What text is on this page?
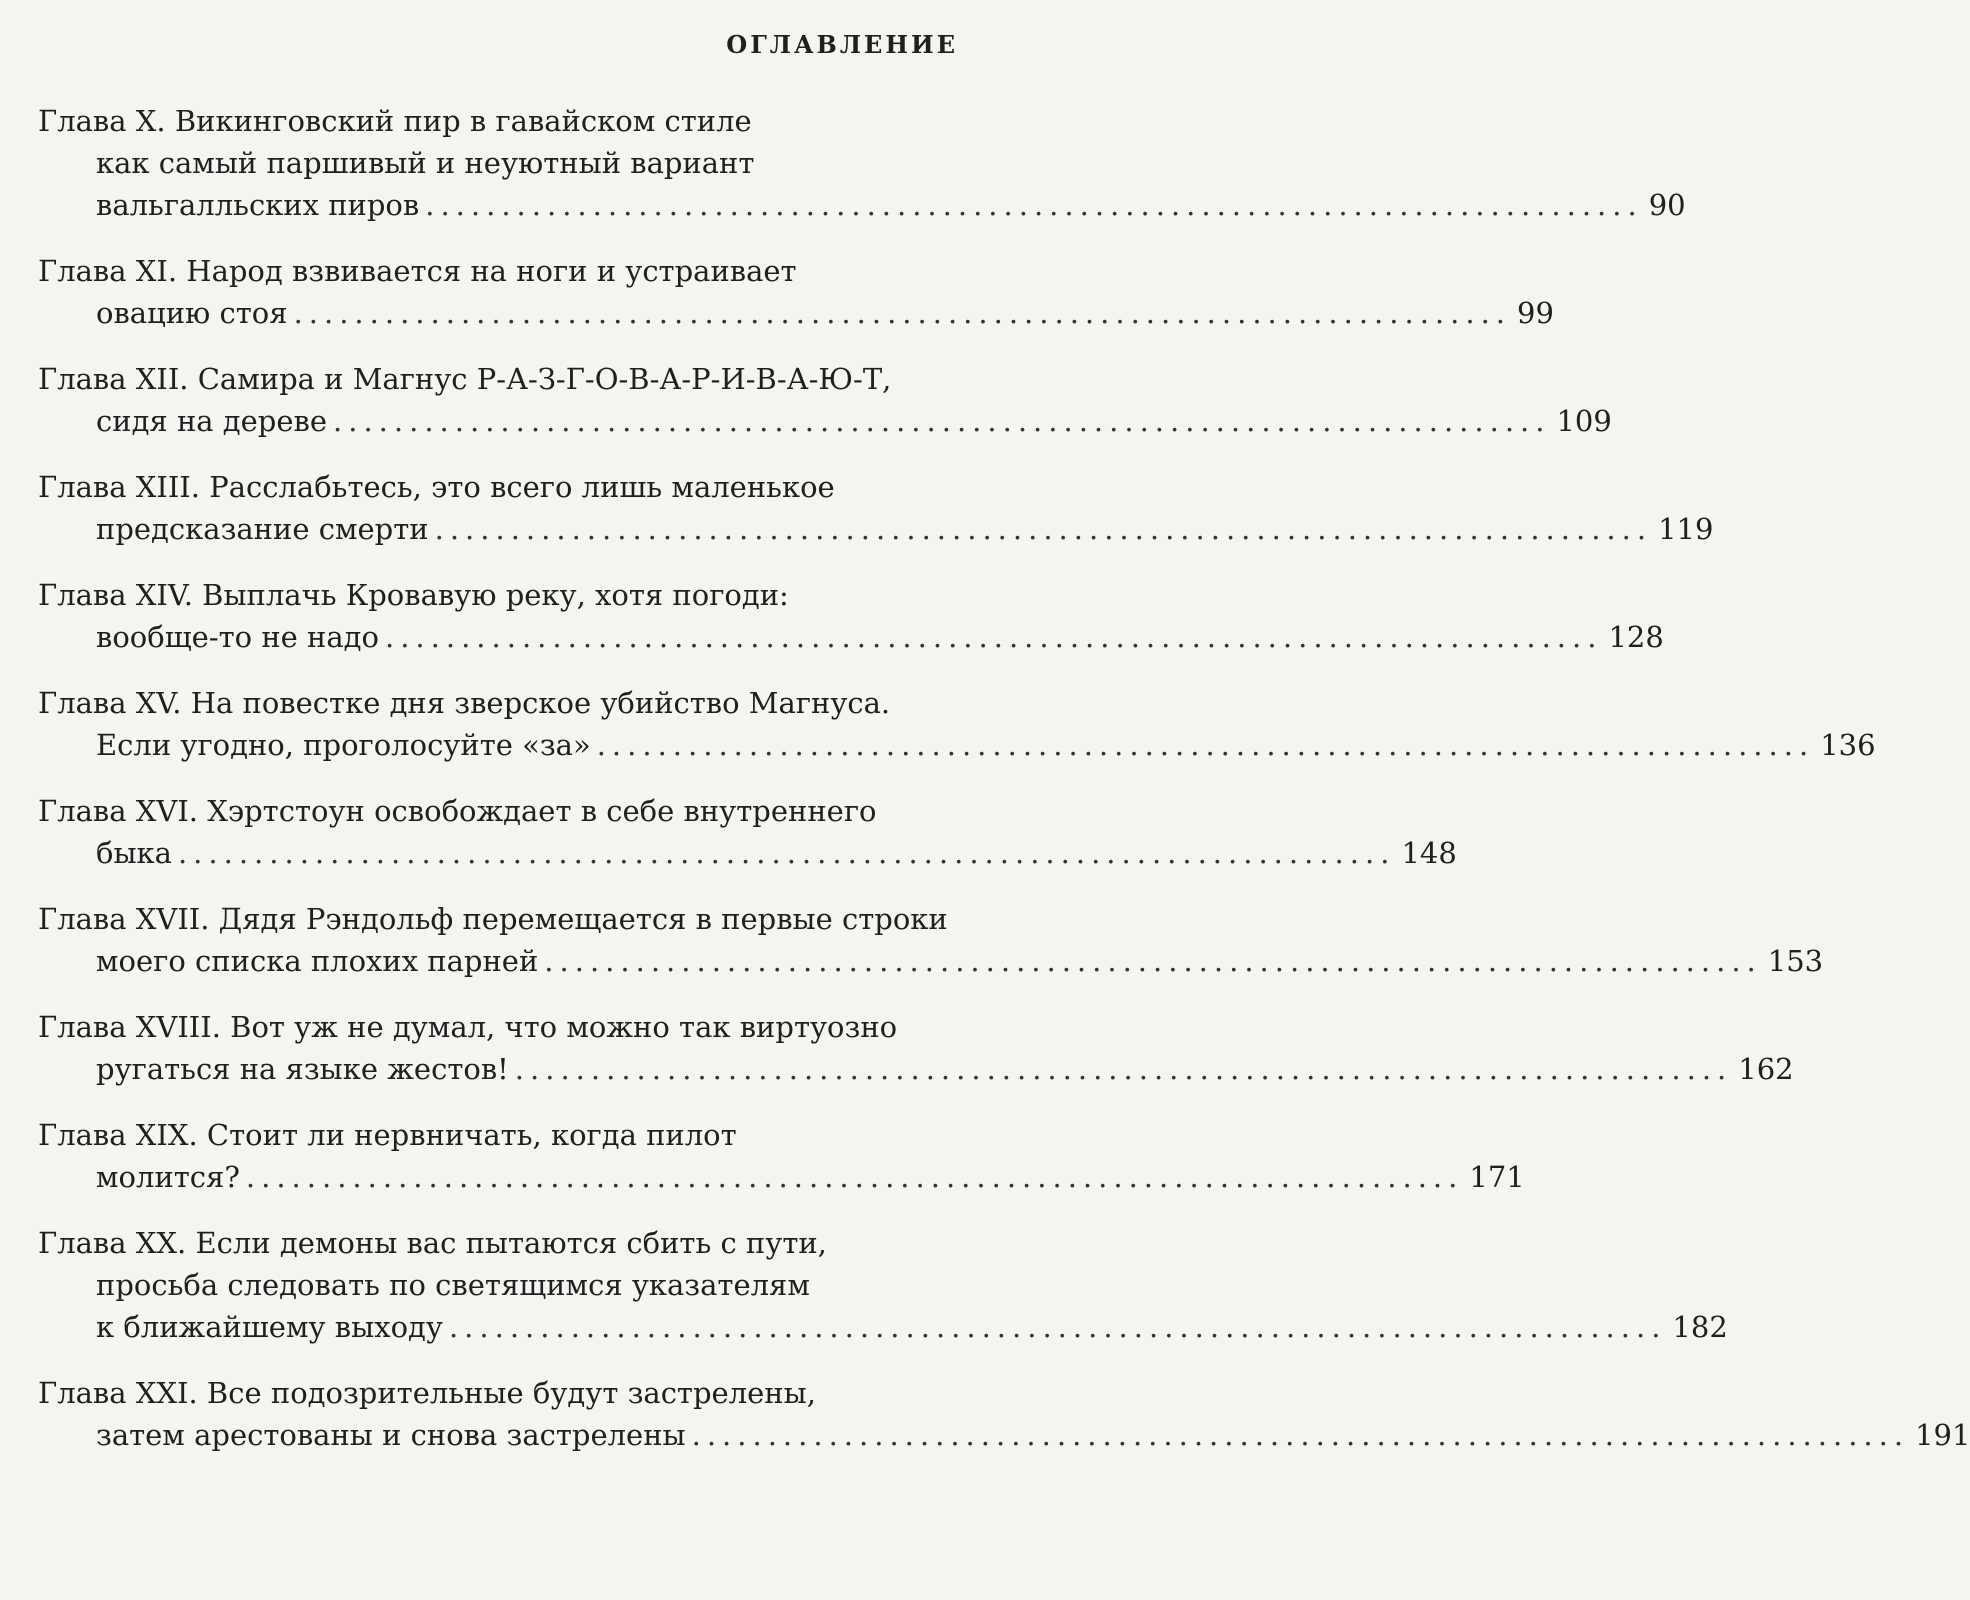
ОГЛАВЛЕНИЕ
Глава X. Викинговский пир в гавайском стиле
как самый паршивый и неуютный вариант
вальгалльских пиров ................................................................................ 90
Глава XI. Народ взвивается на ноги и устраивает
овацию стоя ................................................................................ 99
Глава XII. Самира и Магнус Р-А-З-Г-О-В-А-Р-И-В-А-Ю-Т,
сидя на дереве ................................................................................ 109
Глава XIII. Расслабьтесь, это всего лишь маленькое
предсказание смерти ................................................................................ 119
Глава XIV. Выплачь Кровавую реку, хотя погоди:
вообще-то не надо ................................................................................ 128
Глава XV. На повестке дня зверское убийство Магнуса.
Если угодно, проголосуйте «за» ................................................................................ 136
Глава XVI. Хэртстоун освобождает в себе внутреннего
быка ................................................................................ 148
Глава XVII. Дядя Рэндольф перемещается в первые строки
моего списка плохих парней ................................................................................ 153
Глава XVIII. Вот уж не думал, что можно так виртуозно
ругаться на языке жестов! ................................................................................ 162
Глава XIX. Стоит ли нервничать, когда пилот
молится? ................................................................................ 171
Глава XX. Если демоны вас пытаются сбить с пути,
просьба следовать по светящимся указателям
к ближайшему выходу ................................................................................ 182
Глава XXI. Все подозрительные будут застрелены,
затем арестованы и снова застрелены ................................................................................ 191
